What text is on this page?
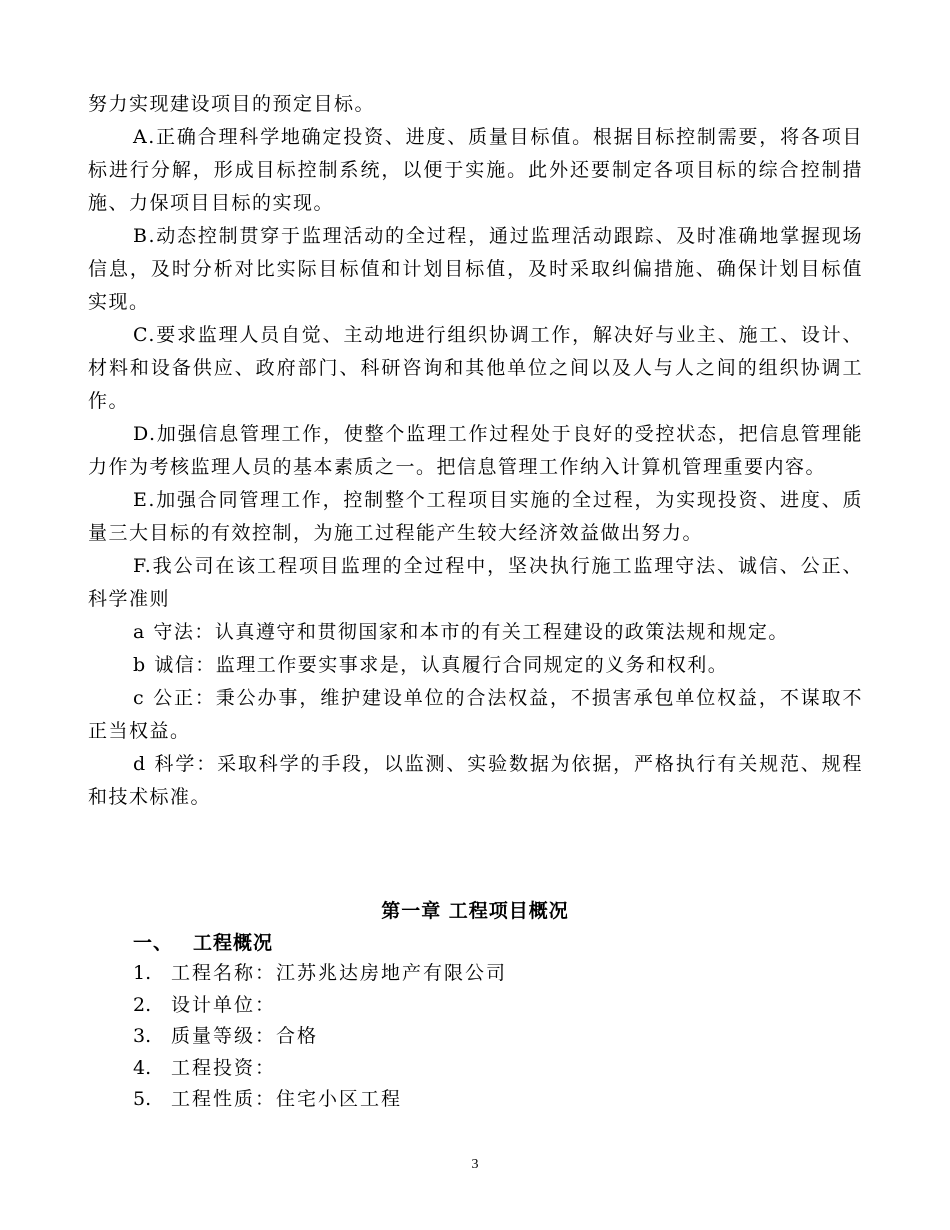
努力实现建设项目的预定目标。

A.正确合理科学地确定投资、进度、质量目标值。根据目标控制需要，将各项目标进行分解，形成目标控制系统，以便于实施。此外还要制定各项目标的综合控制措施、力保项目目标的实现。

B.动态控制贯穿于监理活动的全过程，通过监理活动跟踪、及时准确地掌握现场信息，及时分析对比实际目标值和计划目标值，及时采取纠偏措施、确保计划目标值实现。

C.要求监理人员自觉、主动地进行组织协调工作，解决好与业主、施工、设计、材料和设备供应、政府部门、科研咨询和其他单位之间以及人与人之间的组织协调工作。

D.加强信息管理工作，使整个监理工作过程处于良好的受控状态，把信息管理能力作为考核监理人员的基本素质之一。把信息管理工作纳入计算机管理重要内容。

E.加强合同管理工作，控制整个工程项目实施的全过程，为实现投资、进度、质量三大目标的有效控制，为施工过程能产生较大经济效益做出努力。

F.我公司在该工程项目监理的全过程中，坚决执行施工监理守法、诚信、公正、科学准则

a 守法：认真遵守和贯彻国家和本市的有关工程建设的政策法规和规定。

b 诚信：监理工作要实事求是，认真履行合同规定的义务和权利。

c 公正：秉公办事，维护建设单位的合法权益，不损害承包单位权益，不谋取不正当权益。

d 科学：采取科学的手段，以监测、实验数据为依据，严格执行有关规范、规程和技术标准。

第一章 工程项目概况
一、 工程概况
1. 工程名称：江苏兆达房地产有限公司
2. 设计单位：
3. 质量等级：合格
4. 工程投资：
5. 工程性质：住宅小区工程
3
